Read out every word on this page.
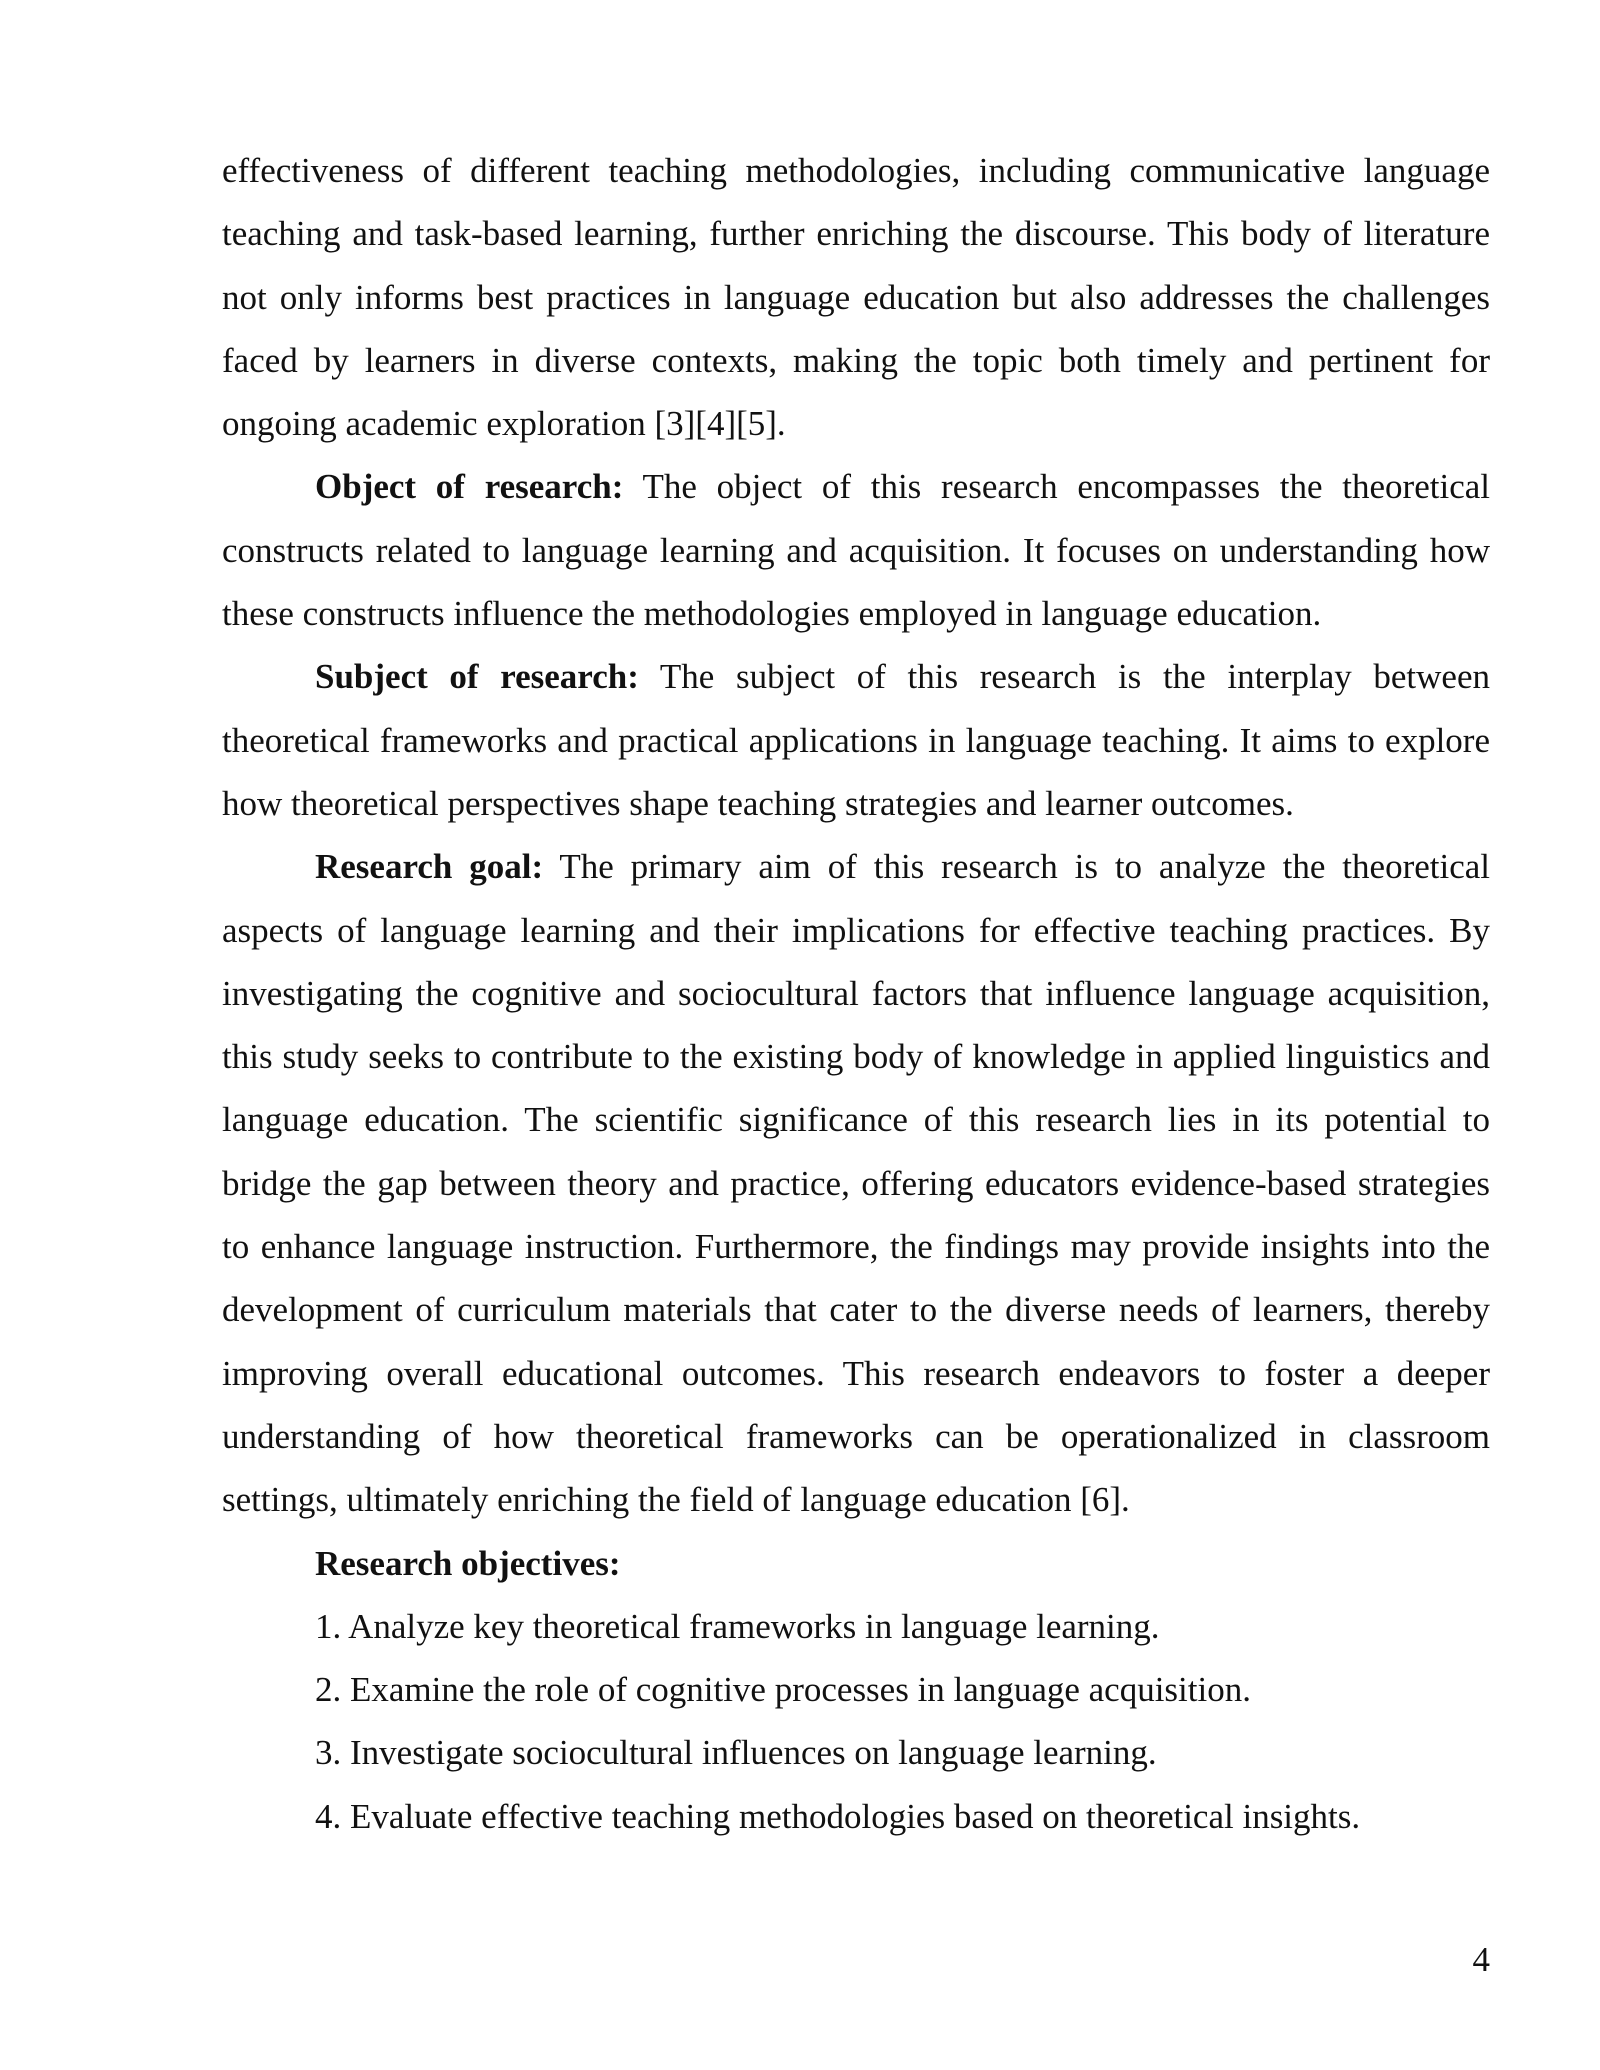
effectiveness of different teaching methodologies, including communicative language teaching and task-based learning, further enriching the discourse. This body of literature not only informs best practices in language education but also addresses the challenges faced by learners in diverse contexts, making the topic both timely and pertinent for ongoing academic exploration [3][4][5].

Object of research: The object of this research encompasses the theoretical constructs related to language learning and acquisition. It focuses on understanding how these constructs influence the methodologies employed in language education.

Subject of research: The subject of this research is the interplay between theoretical frameworks and practical applications in language teaching. It aims to explore how theoretical perspectives shape teaching strategies and learner outcomes.

Research goal: The primary aim of this research is to analyze the theoretical aspects of language learning and their implications for effective teaching practices. By investigating the cognitive and sociocultural factors that influence language acquisition, this study seeks to contribute to the existing body of knowledge in applied linguistics and language education. The scientific significance of this research lies in its potential to bridge the gap between theory and practice, offering educators evidence-based strategies to enhance language instruction. Furthermore, the findings may provide insights into the development of curriculum materials that cater to the diverse needs of learners, thereby improving overall educational outcomes. This research endeavors to foster a deeper understanding of how theoretical frameworks can be operationalized in classroom settings, ultimately enriching the field of language education [6].

Research objectives:

1. Analyze key theoretical frameworks in language learning.
2. Examine the role of cognitive processes in language acquisition.
3. Investigate sociocultural influences on language learning.
4. Evaluate effective teaching methodologies based on theoretical insights.
4
